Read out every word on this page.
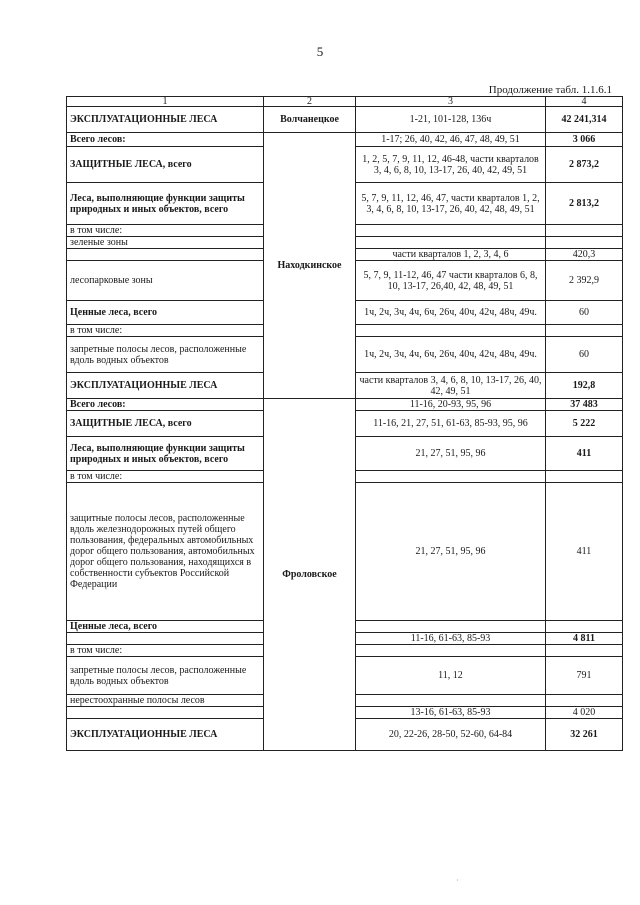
5
Продолжение табл. 1.1.6.1
1	2	3	4
ЭКСПЛУАТАЦИОННЫЕ ЛЕСА	Волчанецкое	1-21, 101-128, 136ч	42 241,314
Всего лесов:	Находкинское	1-17; 26, 40, 42, 46, 47, 48, 49, 51	3 066
ЗАЩИТНЫЕ ЛЕСА, всего		1, 2, 5, 7, 9, 11, 12, 46-48, части кварталов 3, 4, 6, 8, 10, 13-17, 26, 40, 42, 49, 51	2 873,2
Леса, выполняющие функции защиты природных и иных объектов, всего		5, 7, 9, 11, 12, 46, 47, части кварталов 1, 2, 3, 4, 6, 8, 10, 13-17, 26, 40, 42, 48, 49, 51	2 813,2
в том числе:			
зеленые зоны			
		части кварталов 1, 2, 3, 4, 6	420,3
лесопарковые зоны		5, 7, 9, 11-12, 46, 47 части кварталов 6, 8, 10, 13-17, 26,40, 42, 48, 49, 51	2 392,9
Ценные леса, всего		1ч, 2ч, 3ч, 4ч, 6ч, 26ч, 40ч, 42ч, 48ч, 49ч.	60
в том числе:			
запретные полосы лесов, расположенные вдоль водных объектов		1ч, 2ч, 3ч, 4ч, 6ч, 26ч, 40ч, 42ч, 48ч, 49ч.	60
ЭКСПЛУАТАЦИОННЫЕ ЛЕСА		части кварталов 3, 4, 6, 8, 10, 13-17, 26, 40, 42, 49, 51	192,8
Всего лесов:	Фроловское	11-16, 20-93, 95, 96	37 483
ЗАЩИТНЫЕ ЛЕСА, всего		11-16, 21, 27, 51, 61-63, 85-93, 95, 96	5 222
Леса, выполняющие функции защиты природных и иных объектов, всего		21, 27, 51, 95, 96	411
в том числе:			
защитные полосы лесов, расположенные вдоль железнодорожных путей общего пользования, федеральных автомобильных дорог общего пользования, автомобильных дорог общего пользования, находящихся в собственности субъектов Российской Федерации		21, 27, 51, 95, 96	411
Ценные леса, всего			
		11-16, 61-63, 85-93	4 811
в том числе:			
запретные полосы лесов, расположенные вдоль водных объектов		11, 12	791
нерестоохранные полосы лесов			
		13-16, 61-63, 85-93	4 020
ЭКСПЛУАТАЦИОННЫЕ ЛЕСА		20, 22-26, 28-50, 52-60, 64-84	32 261
·
